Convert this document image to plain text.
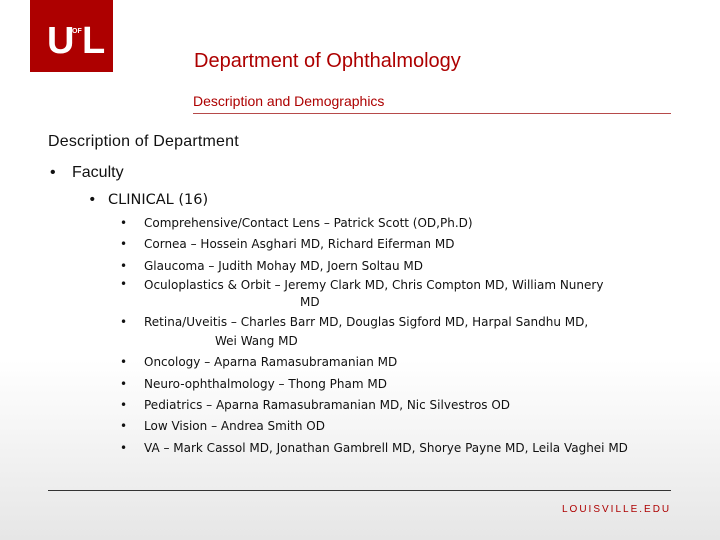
U OF L	Department of Ophthalmology
Description and Demographics
Description of Department
• Faculty
• CLINICAL (16)
• Comprehensive/Contact Lens – Patrick Scott (OD,Ph.D)
• Cornea – Hossein Asghari MD, Richard Eiferman MD
• Glaucoma – Judith Mohay MD, Joern Soltau MD
• Oculoplastics & Orbit – Jeremy Clark MD, Chris Compton MD, William Nunery
MD
• Retina/Uveitis – Charles Barr MD, Douglas Sigford MD, Harpal Sandhu MD,
Wei Wang MD
• Oncology – Aparna Ramasubramanian MD
• Neuro-ophthalmology – Thong Pham MD
• Pediatrics – Aparna Ramasubramanian MD, Nic Silvestros OD
• Low Vision – Andrea Smith OD
• VA – Mark Cassol MD, Jonathan Gambrell MD, Shorye Payne MD, Leila Vaghei MD
LOUISVILLE.EDU
